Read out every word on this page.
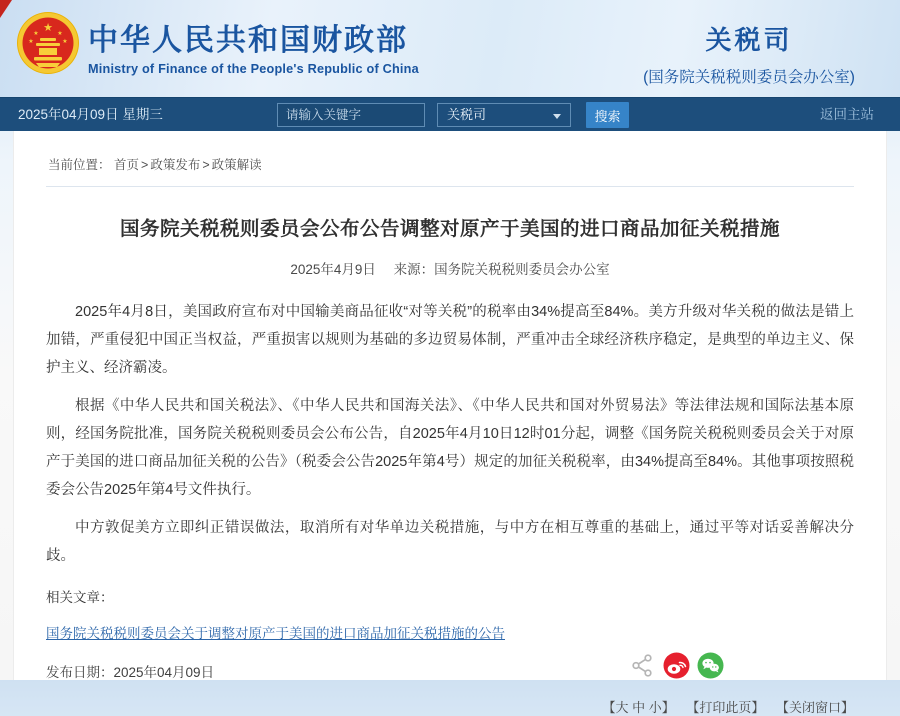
★
★	★
★	★ 中华人民共和国财政部
Ministry of Finance of the People's Republic of China
关税司
(国务院关税税则委员会办公室)
2025年04月09日 星期三
请输入关键字	关税司	搜索	返回主站
当前位置： 首页 > 政策发布 > 政策解读
国务院关税税则委员会公布公告调整对原产于美国的进口商品加征关税措施
2025年4月9日 来源：国务院关税税则委员会办公室

2025年4月8日，美国政府宣布对中国输美商品征收“对等关税”的税率由34%提高至84%。美方升级对华关税的做法是错上加错，严重侵犯中国正当权益，严重损害以规则为基础的多边贸易体制，严重冲击全球经济秩序稳定，是典型的单边主义、保护主义、经济霸凌。

根据《中华人民共和国关税法》、《中华人民共和国海关法》、《中华人民共和国对外贸易法》等法律法规和国际法基本原则，经国务院批准，国务院关税税则委员会公布公告，自2025年4月10日12时01分起，调整《国务院关税税则委员会关于对原产于美国的进口商品加征关税的公告》（税委会公告2025年第4号）规定的加征关税税率，由34%提高至84%。其他事项按照税委会公告2025年第4号文件执行。

中方敦促美方立即纠正错误做法，取消所有对华单边关税措施，与中方在相互尊重的基础上，通过平等对话妥善解决分歧。

相关文章：
国务院关税税则委员会关于调整对原产于美国的进口商品加征关税措施的公告
发布日期：2025年04月09日
【大 中 小】 【打印此页】 【关闭窗口】
